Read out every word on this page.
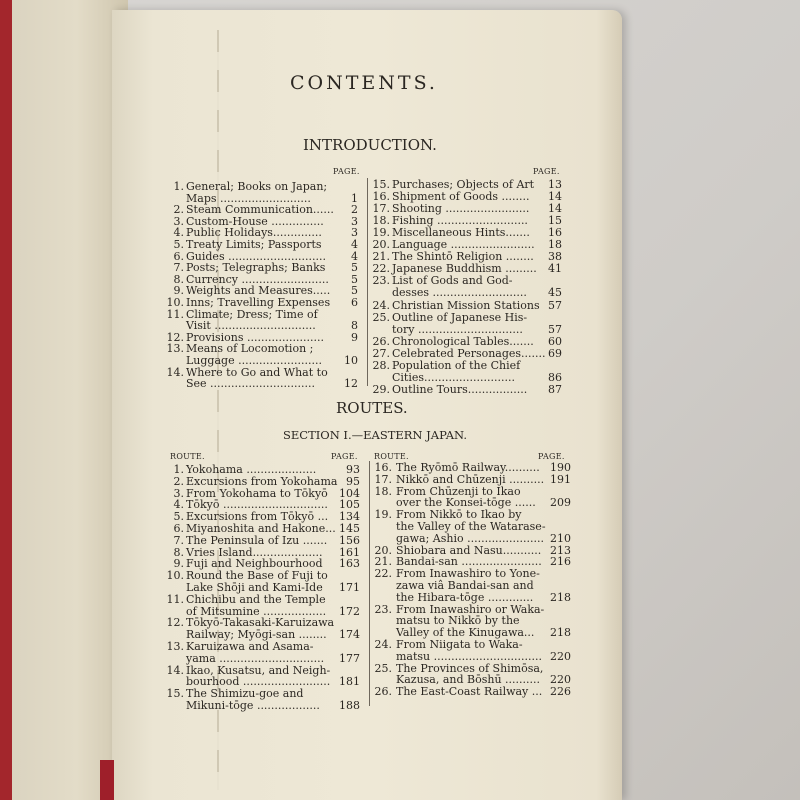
CONTENTS.
INTRODUCTION.
PAGE.	PAGE.
1. General; Books on Japan;
Maps ..........................	1
2. Steam Communication......	2
3. Custom-House ...............	3
4. Public Holidays..............	3
5. Treaty Limits; Passports	4
6. Guides ............................	4
7. Posts; Telegraphs; Banks	5
8. Currency .........................	5
9. Weights and Measures.....	5
10. Inns; Travelling Expenses	6
11. Climate; Dress; Time of
Visit .............................	8
12. Provisions ......................	9
13. Means of Locomotion ;
Luggage ........................	10
14. Where to Go and What to
See ..............................	12
15. Purchases; Objects of Art	13
16. Shipment of Goods ........	14
17. Shooting ........................	14
18. Fishing ..........................	15
19. Miscellaneous Hints.......	16
20. Language ........................	18
21. The Shintō Religion ........	38
22. Japanese Buddhism .........	41
23. List of Gods and God-
desses ...........................	45
24. Christian Mission Stations 57
25. Outline of Japanese His-
tory ..............................	57
26. Chronological Tables.......	60
27. Celebrated Personages....... 69
28. Population of the Chief
Cities..........................	86
29. Outline Tours.................	87
ROUTES.
SECTION I.—EASTERN JAPAN.
ROUTE.	PAGE. ROUTE.	PAGE.
1. Yokohama ....................	93
2. Excursions from Yokohama 95
3. From Yokohama to Tōkyō	104
4. Tōkyō ..............................	105
5. Excursions from Tōkyō ... 134
6. Miyanoshita and Hakone... 145
7. The Peninsula of Izu .......	156
8. Vries Island....................	161
9. Fuji and Neighbourhood	163
10. Round the Base of Fuji to
Lake Shōji and Kami-Ide	171
11. Chichibu and the Temple
of Mitsumine ..................	172
12. Tōkyō-Takasaki-Karuizawa
Railway; Myōgi-san ........	174
13. Karuizawa and Asama-
yama ..............................	177
14. Ikao, Kusatsu, and Neigh-
bourhood ......................... 181
15. The Shimizu-goe and
Mikuni-tōge ..................	188
16. The Ryōmō Railway.......... 190
17. Nikkō and Chūzenji .......... 191
18. From Chūzenji to Ikao
over the Konsei-tōge ......	209
19. From Nikkō to Ikao by
the Valley of the Watarase-
gawa; Ashio ...................... 210
20. Shiobara and Nasu........... 213
21. Bandai-san ....................... 216
22. From Inawashiro to Yone-
zawa viâ Bandai-san and
the Hibara-tōge .............	218
23. From Inawashiro or Waka-
matsu to Nikkō by the
Valley of the Kinugawa...	218
24. From Niigata to Waka-
matsu ............................... 220
25. The Provinces of Shimōsa,
Kazusa, and Bōshū .......... 220
26. The East-Coast Railway ... 226
